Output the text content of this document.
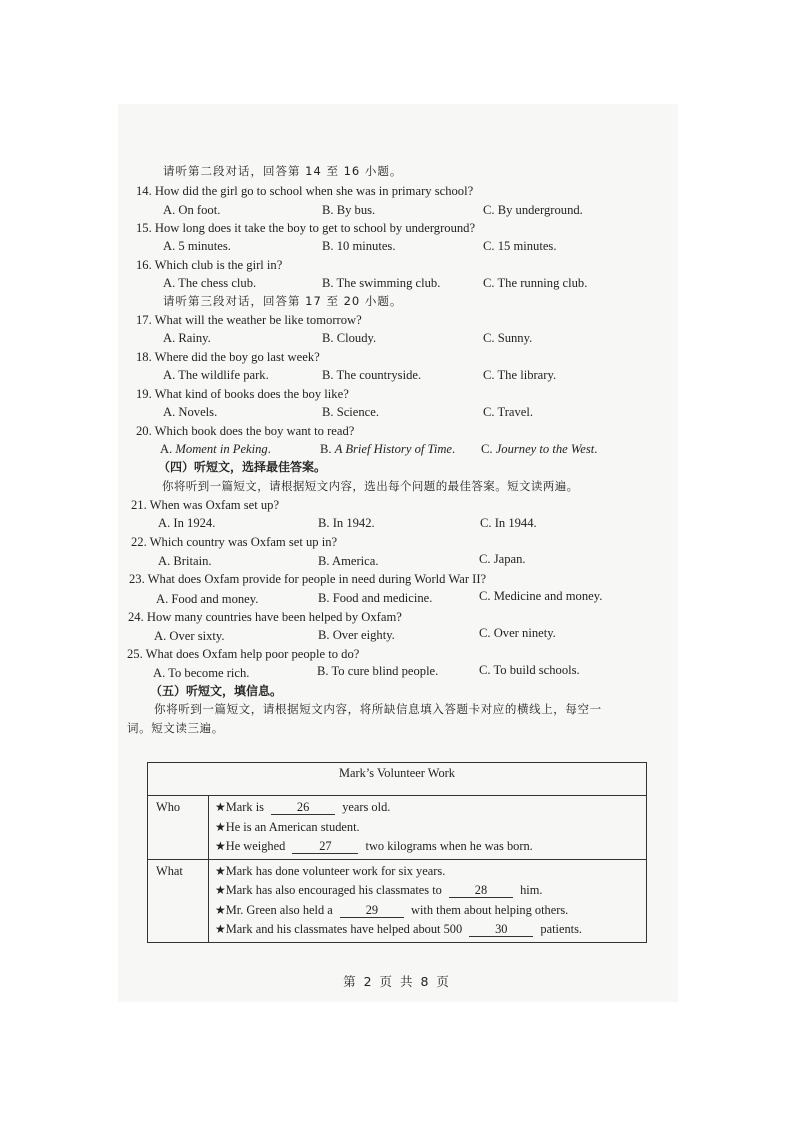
请听第二段对话，回答第 14 至 16 小题。
14. How did the girl go to school when she was in primary school?
A. On foot.	B. By bus.	C. By underground.
15. How long does it take the boy to get to school by underground?
A. 5 minutes.	B. 10 minutes.	C. 15 minutes.
16. Which club is the girl in?
A. The chess club.	B. The swimming club.	C. The running club.
请听第三段对话，回答第 17 至 20 小题。
17. What will the weather be like tomorrow?
A. Rainy.	B. Cloudy.	C. Sunny.
18. Where did the boy go last week?
A. The wildlife park.	B. The countryside.	C. The library.
19. What kind of books does the boy like?
A. Novels.	B. Science.	C. Travel.
20. Which book does the boy want to read?
A. Moment in Peking.	B. A Brief History of Time. C. Journey to the West.
（四）听短文，选择最佳答案。
你将听到一篇短文，请根据短文内容，选出每个问题的最佳答案。短文读两遍。
21. When was Oxfam set up?
A. In 1924.	B. In 1942.	C. In 1944.
22. Which country was Oxfam set up in?
A. Britain.	B. America.	C. Japan.
23. What does Oxfam provide for people in need during World War II?
A. Food and money.	B. Food and medicine.	C. Medicine and money.
24. How many countries have been helped by Oxfam?
A. Over sixty.	B. Over eighty.	C. Over ninety.
25. What does Oxfam help poor people to do?
A. To become rich.	B. To cure blind people.	C. To build schools.
（五）听短文，填信息。
你将听到一篇短文，请根据短文内容，将所缺信息填入答题卡对应的横线上，每空一
词。短文读三遍。
Mark’s Volunteer Work	
Who	★Mark is 26 years old.
★He is an American student.
★He weighed 27 two kilograms when he was born.

What	★Mark has done volunteer work for six years.
★Mark has also encouraged his classmates to 28 him.
★Mr. Green also held a 29 with them about helping others.
★Mark and his classmates have helped about 500 30 patients.
第 2 页 共 8 页
